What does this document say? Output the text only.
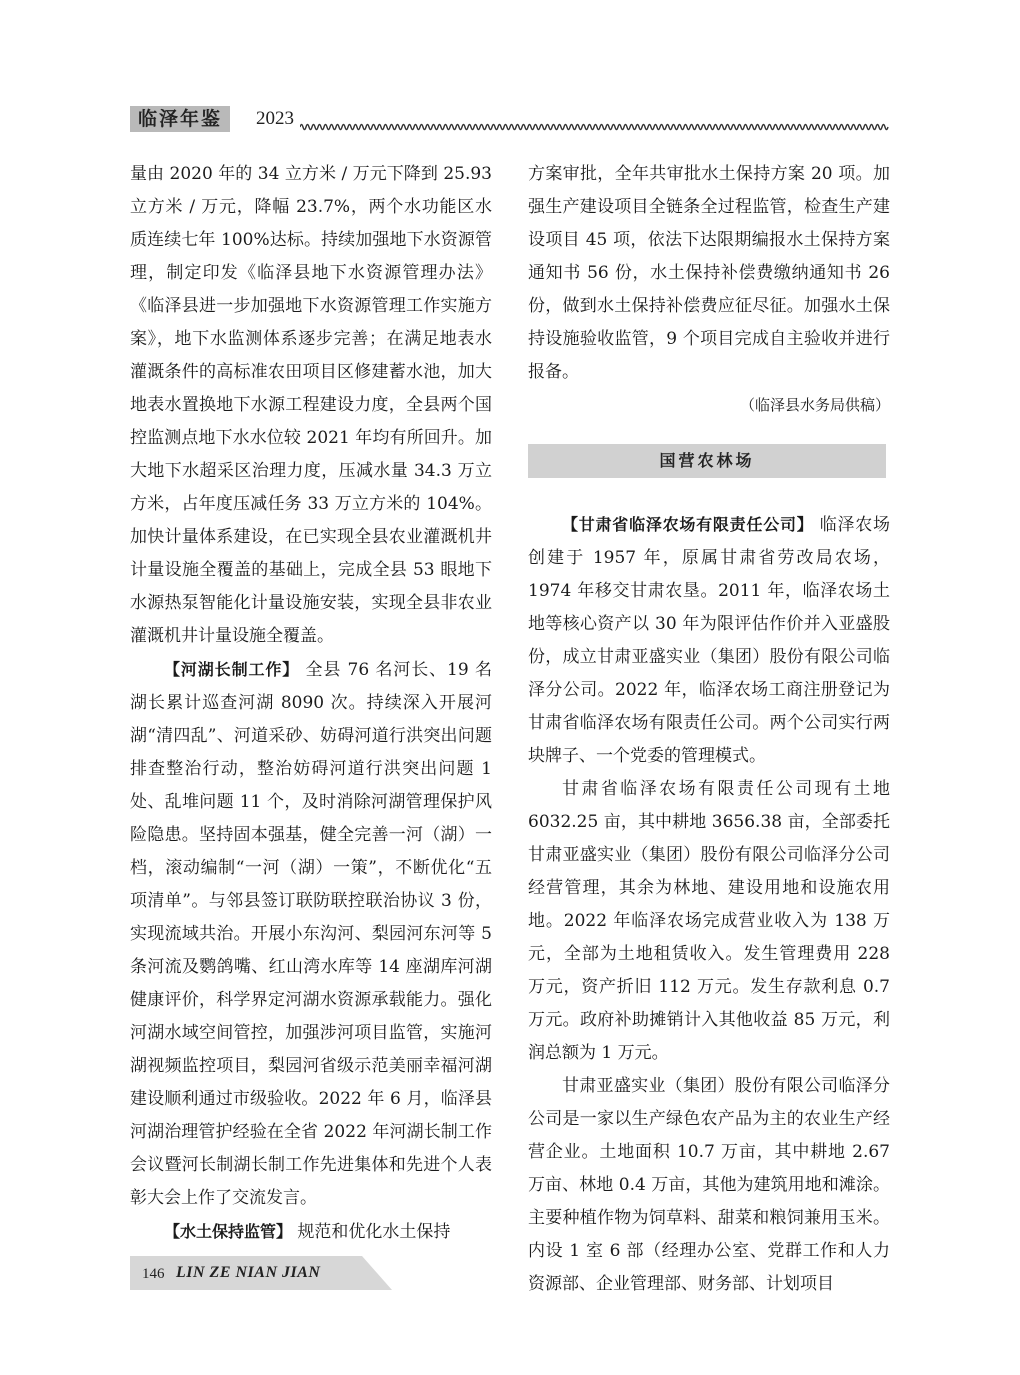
临泽年鉴	2023

量由 2020 年的 34 立方米 / 万元下降到 25.93 立方米 / 万元，降幅 23.7%，两个水功能区水质连续七年 100%达标。持续加强地下水资源管理，制定印发《临泽县地下水资源管理办法》《临泽县进一步加强地下水资源管理工作实施方案》，地下水监测体系逐步完善；在满足地表水灌溉条件的高标准农田项目区修建蓄水池，加大地表水置换地下水源工程建设力度，全县两个国控监测点地下水水位较 2021 年均有所回升。加大地下水超采区治理力度，压减水量 34.3 万立方米，占年度压减任务 33 万立方米的 104%。加快计量体系建设，在已实现全县农业灌溉机井计量设施全覆盖的基础上，完成全县 53 眼地下水源热泵智能化计量设施安装，实现全县非农业灌溉机井计量设施全覆盖。

【河湖长制工作】 全县 76 名河长、19 名湖长累计巡查河湖 8090 次。持续深入开展河湖“清四乱”、河道采砂、妨碍河道行洪突出问题排查整治行动，整治妨碍河道行洪突出问题 1 处、乱堆问题 11 个，及时消除河湖管理保护风险隐患。坚持固本强基，健全完善一河（湖）一档，滚动编制“一河（湖）一策”，不断优化“五项清单”。与邻县签订联防联控联治协议 3 份，实现流域共治。开展小东沟河、梨园河东河等 5 条河流及鹦鸽嘴、红山湾水库等 14 座湖库河湖健康评价，科学界定河湖水资源承载能力。强化河湖水域空间管控，加强涉河项目监管，实施河湖视频监控项目，梨园河省级示范美丽幸福河湖建设顺利通过市级验收。2022 年 6 月，临泽县河湖治理管护经验在全省 2022 年河湖长制工作会议暨河长制湖长制工作先进集体和先进个人表彰大会上作了交流发言。

【水土保持监管】 规范和优化水土保持

方案审批，全年共审批水土保持方案 20 项。加强生产建设项目全链条全过程监管，检查生产建设项目 45 项，依法下达限期编报水土保持方案通知书 56 份，水土保持补偿费缴纳通知书 26 份，做到水土保持补偿费应征尽征。加强水土保持设施验收监管，9 个项目完成自主验收并进行报备。

（临泽县水务局供稿）

国营农林场

【甘肃省临泽农场有限责任公司】 临泽农场创建于 1957 年，原属甘肃省劳改局农场，1974 年移交甘肃农垦。2011 年，临泽农场土地等核心资产以 30 年为限评估作价并入亚盛股份，成立甘肃亚盛实业（集团）股份有限公司临泽分公司。2022 年，临泽农场工商注册登记为甘肃省临泽农场有限责任公司。两个公司实行两块牌子、一个党委的管理模式。

甘肃省临泽农场有限责任公司现有土地 6032.25 亩，其中耕地 3656.38 亩，全部委托甘肃亚盛实业（集团）股份有限公司临泽分公司经营管理，其余为林地、建设用地和设施农用地。2022 年临泽农场完成营业收入为 138 万元，全部为土地租赁收入。发生管理费用 228 万元，资产折旧 112 万元。发生存款利息 0.7 万元。政府补助摊销计入其他收益 85 万元，利润总额为 1 万元。

甘肃亚盛实业（集团）股份有限公司临泽分公司是一家以生产绿色农产品为主的农业生产经营企业。土地面积 10.7 万亩，其中耕地 2.67 万亩、林地 0.4 万亩，其他为建筑用地和滩涂。主要种植作物为饲草料、甜菜和粮饲兼用玉米。内设 1 室 6 部（经理办公室、党群工作和人力资源部、企业管理部、财务部、计划项目

146 LIN ZE NIAN JIAN
